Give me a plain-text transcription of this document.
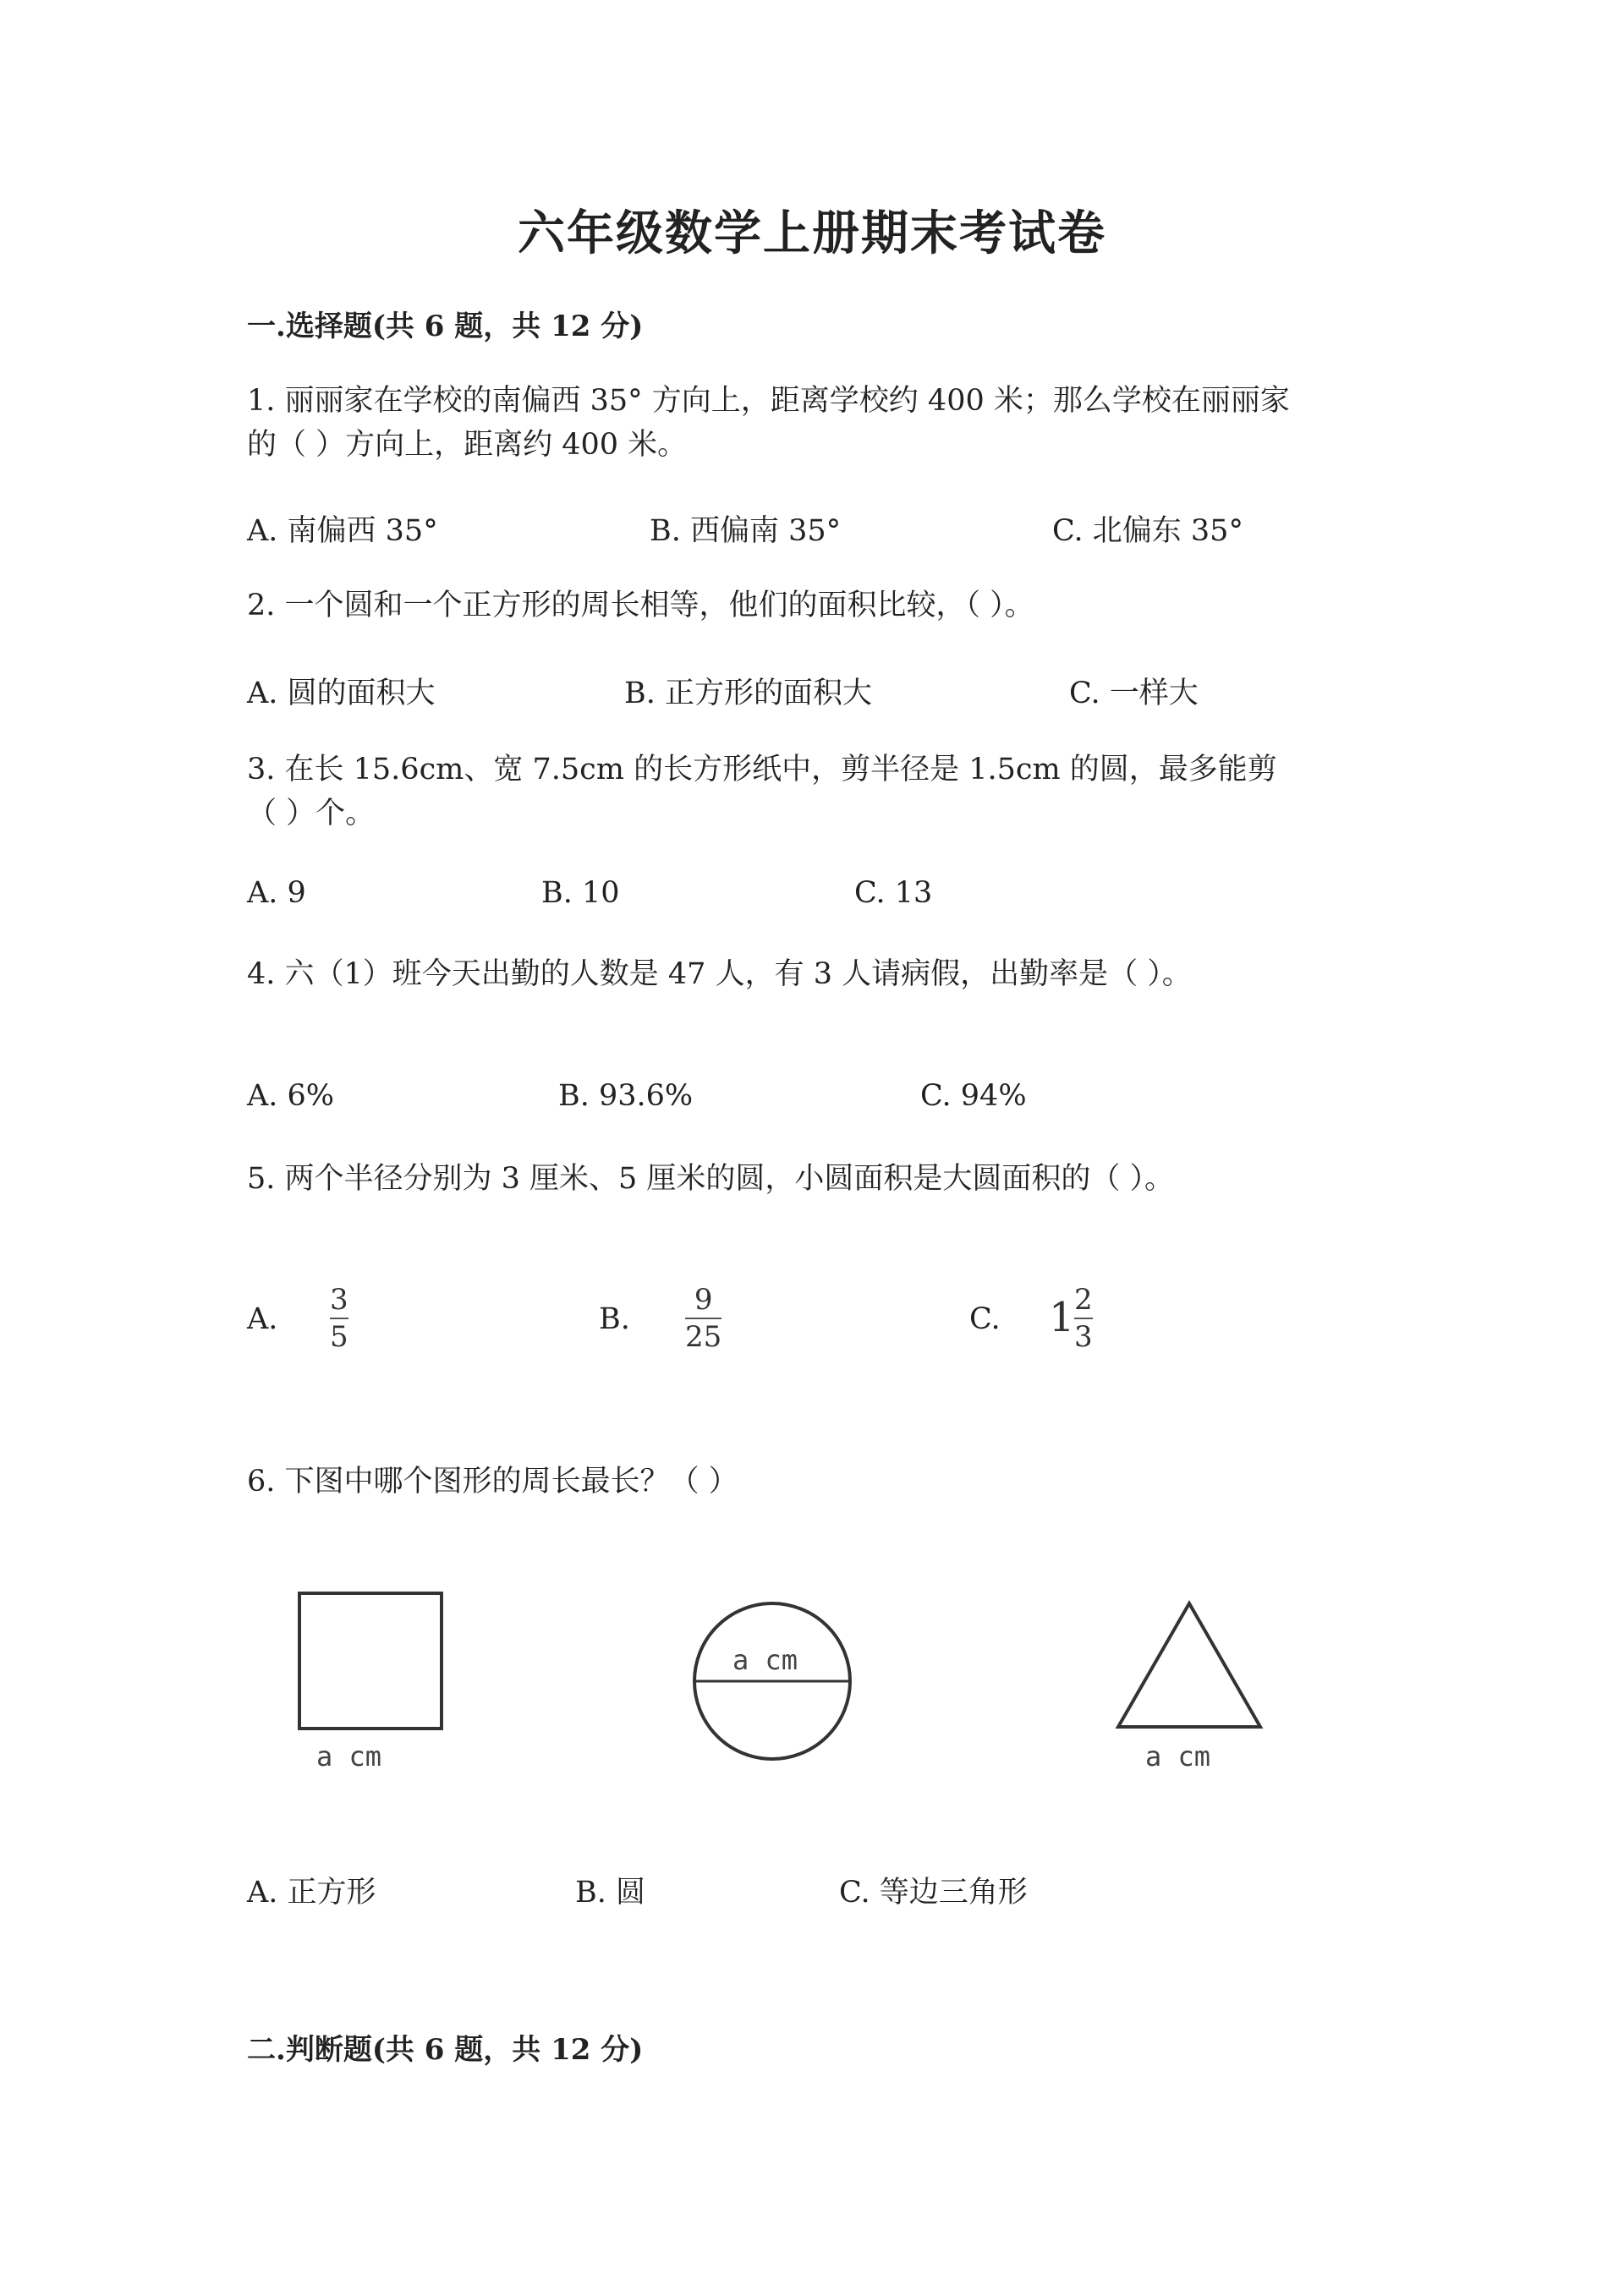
六年级数学上册期末考试卷
一.选择题(共 6 题，共 12 分)
1. 丽丽家在学校的南偏西 35° 方向上，距离学校约 400 米；那么学校在丽丽家
的（ ）方向上，距离约 400 米。
A. 南偏西 35°	B. 西偏南 35°	C. 北偏东 35°
2. 一个圆和一个正方形的周长相等，他们的面积比较，（ ）。
A. 圆的面积大	B. 正方形的面积大	C. 一样大
3. 在长 15.6cm、宽 7.5cm 的长方形纸中，剪半径是 1.5cm 的圆，最多能剪
（ ）个。
A. 9	B. 10	C. 13
4. 六（1）班今天出勤的人数是 47 人，有 3 人请病假，出勤率是（ ）。
A. 6%	B. 93.6%	C. 94%
5. 两个半径分别为 3 厘米、5 厘米的圆，小圆面积是大圆面积的（ ）。
A.
3
5
B.
9
25
C. 1 2
3
6. 下图中哪个图形的周长最长？（ ）
a cm
a cm
a cm
A. 正方形	B. 圆	C. 等边三角形
二.判断题(共 6 题，共 12 分)
